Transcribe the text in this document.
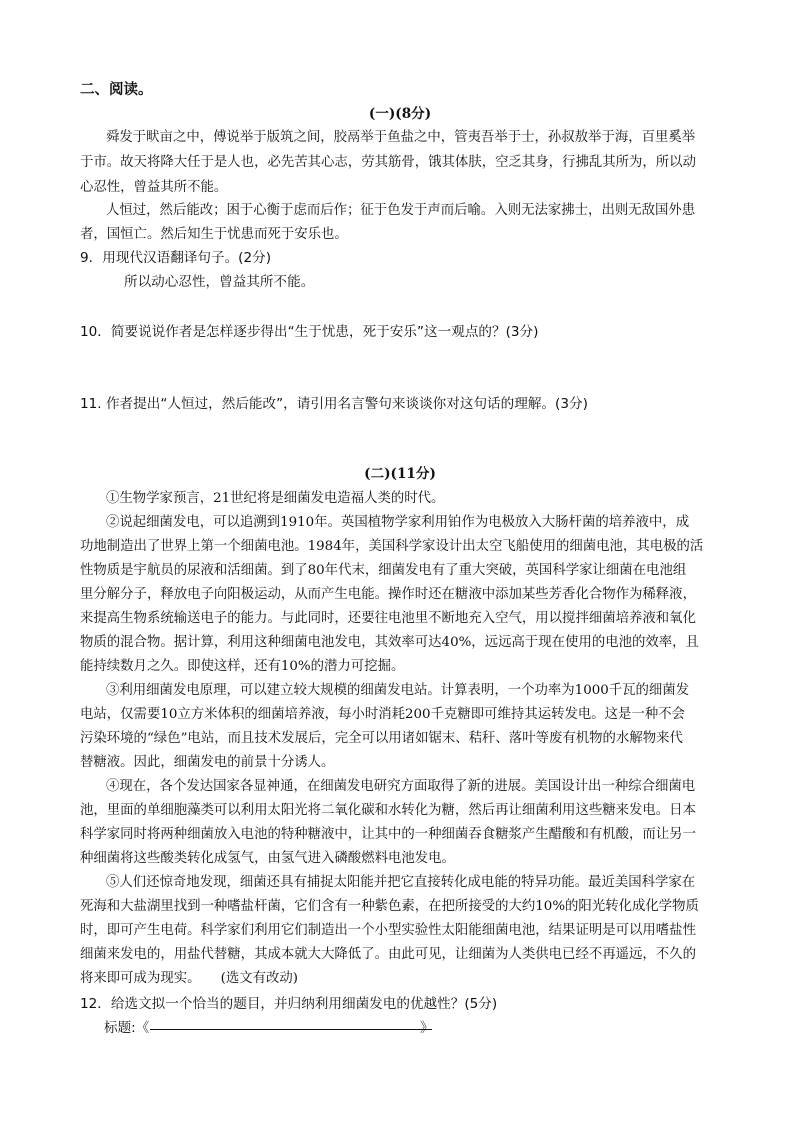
二、阅读。
(一)(8分)
舜发于畎亩之中，傅说举于版筑之间，胶鬲举于鱼盐之中，管夷吾举于士，孙叔敖举于海，百里奚举
于市。故天将降大任于是人也，必先苦其心志，劳其筋骨，饿其体肤，空乏其身，行拂乱其所为，所以动
心忍性，曾益其所不能。
人恒过，然后能改；困于心衡于虑而后作；征于色发于声而后喻。入则无法家拂士，出则无敌国外患
者，国恒亡。然后知生于忧患而死于安乐也。
9．用现代汉语翻译句子。(2分)
所以动心忍性，曾益其所不能。
10．简要说说作者是怎样逐步得出“生于忧患，死于安乐”这一观点的？(3分)
11. 作者提出“人恒过，然后能改”，请引用名言警句来谈谈你对这句话的理解。(3分)
(二)(11分)
①生物学家预言，21世纪将是细菌发电造福人类的时代。
②说起细菌发电，可以追溯到1910年。英国植物学家利用铂作为电极放入大肠杆菌的培养液中，成
功地制造出了世界上第一个细菌电池。1984年，美国科学家设计出太空飞船使用的细菌电池，其电极的活
性物质是宇航员的尿液和活细菌。到了80年代末，细菌发电有了重大突破，英国科学家让细菌在电池组
里分解分子，释放电子向阳极运动，从而产生电能。操作时还在糖液中添加某些芳香化合物作为稀释液，
来提高生物系统输送电子的能力。与此同时，还要往电池里不断地充入空气，用以搅拌细菌培养液和氧化
物质的混合物。据计算，利用这种细菌电池发电，其效率可达40%，远远高于现在使用的电池的效率，且
能持续数月之久。即使这样，还有10%的潜力可挖掘。
③利用细菌发电原理，可以建立较大规模的细菌发电站。计算表明，一个功率为1000千瓦的细菌发
电站，仅需要10立方米体积的细菌培养液，每小时消耗200千克糖即可维持其运转发电。这是一种不会
污染环境的“绿色”电站，而且技术发展后，完全可以用诸如锯末、秸秆、落叶等废有机物的水解物来代
替糖液。因此，细菌发电的前景十分诱人。
④现在，各个发达国家各显神通，在细菌发电研究方面取得了新的进展。美国设计出一种综合细菌电
池，里面的单细胞藻类可以利用太阳光将二氧化碳和水转化为糖，然后再让细菌利用这些糖来发电。日本
科学家同时将两种细菌放入电池的特种糖液中，让其中的一种细菌吞食糖浆产生醋酸和有机酸，而让另一
种细菌将这些酸类转化成氢气，由氢气进入磷酸燃料电池发电。
⑤人们还惊奇地发现，细菌还具有捕捉太阳能并把它直接转化成电能的特异功能。最近美国科学家在
死海和大盐湖里找到一种嗜盐杆菌，它们含有一种紫色素，在把所接受的大约10%的阳光转化成化学物质
时，即可产生电荷。科学家们利用它们制造出一个小型实验性太阳能细菌电池，结果证明是可以用嗜盐性
细菌来发电的，用盐代替糖，其成本就大大降低了。由此可见，让细菌为人类供电已经不再遥远，不久的
将来即可成为现实。　　(选文有改动)
12．给选文拟一个恰当的题目，并归纳利用细菌发电的优越性？(5分)
标题:《	》
